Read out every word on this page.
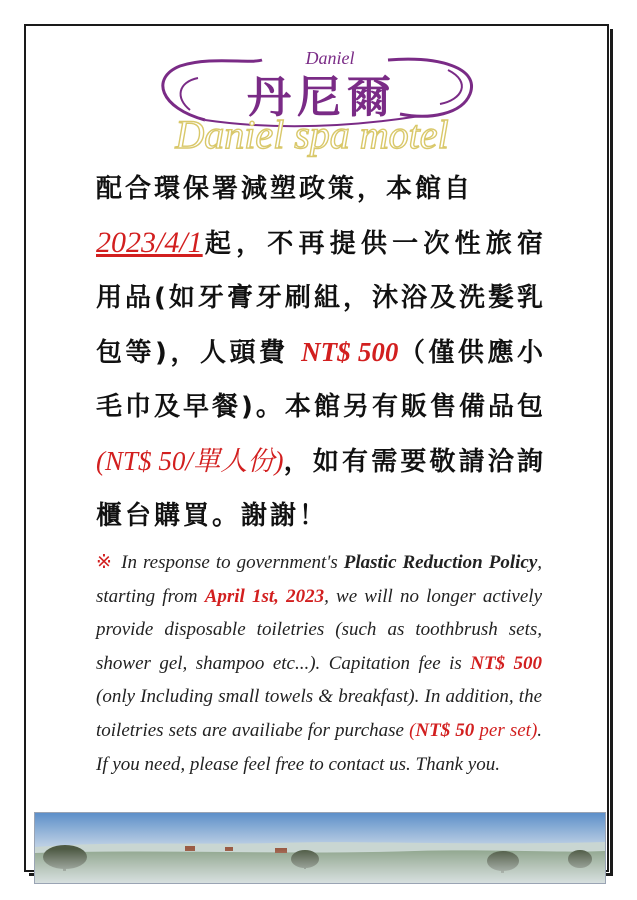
Daniel
丹尼爾
Daniel spa motel

配合環保署減塑政策，本館自
2023/4/1起，不再提供一次性旅宿用品(如牙膏牙刷組，沐浴及洗髮乳包等)，人頭費 NT$ 500（僅供應小毛巾及早餐)。本館另有販售備品包(NT$ 50/單人份)，如有需要敬請洽詢櫃台購買。謝謝！

※ In response to government's Plastic Reduction Policy, starting from April 1st, 2023, we will no longer actively provide disposable toiletries (such as toothbrush sets, shower gel, shampoo etc...). Capitation fee is NT$ 500 (only Including small towels & breakfast). In addition, the toiletries sets are availiabe for purchase (NT$ 50 per set). If you need, please feel free to contact us. Thank you.
